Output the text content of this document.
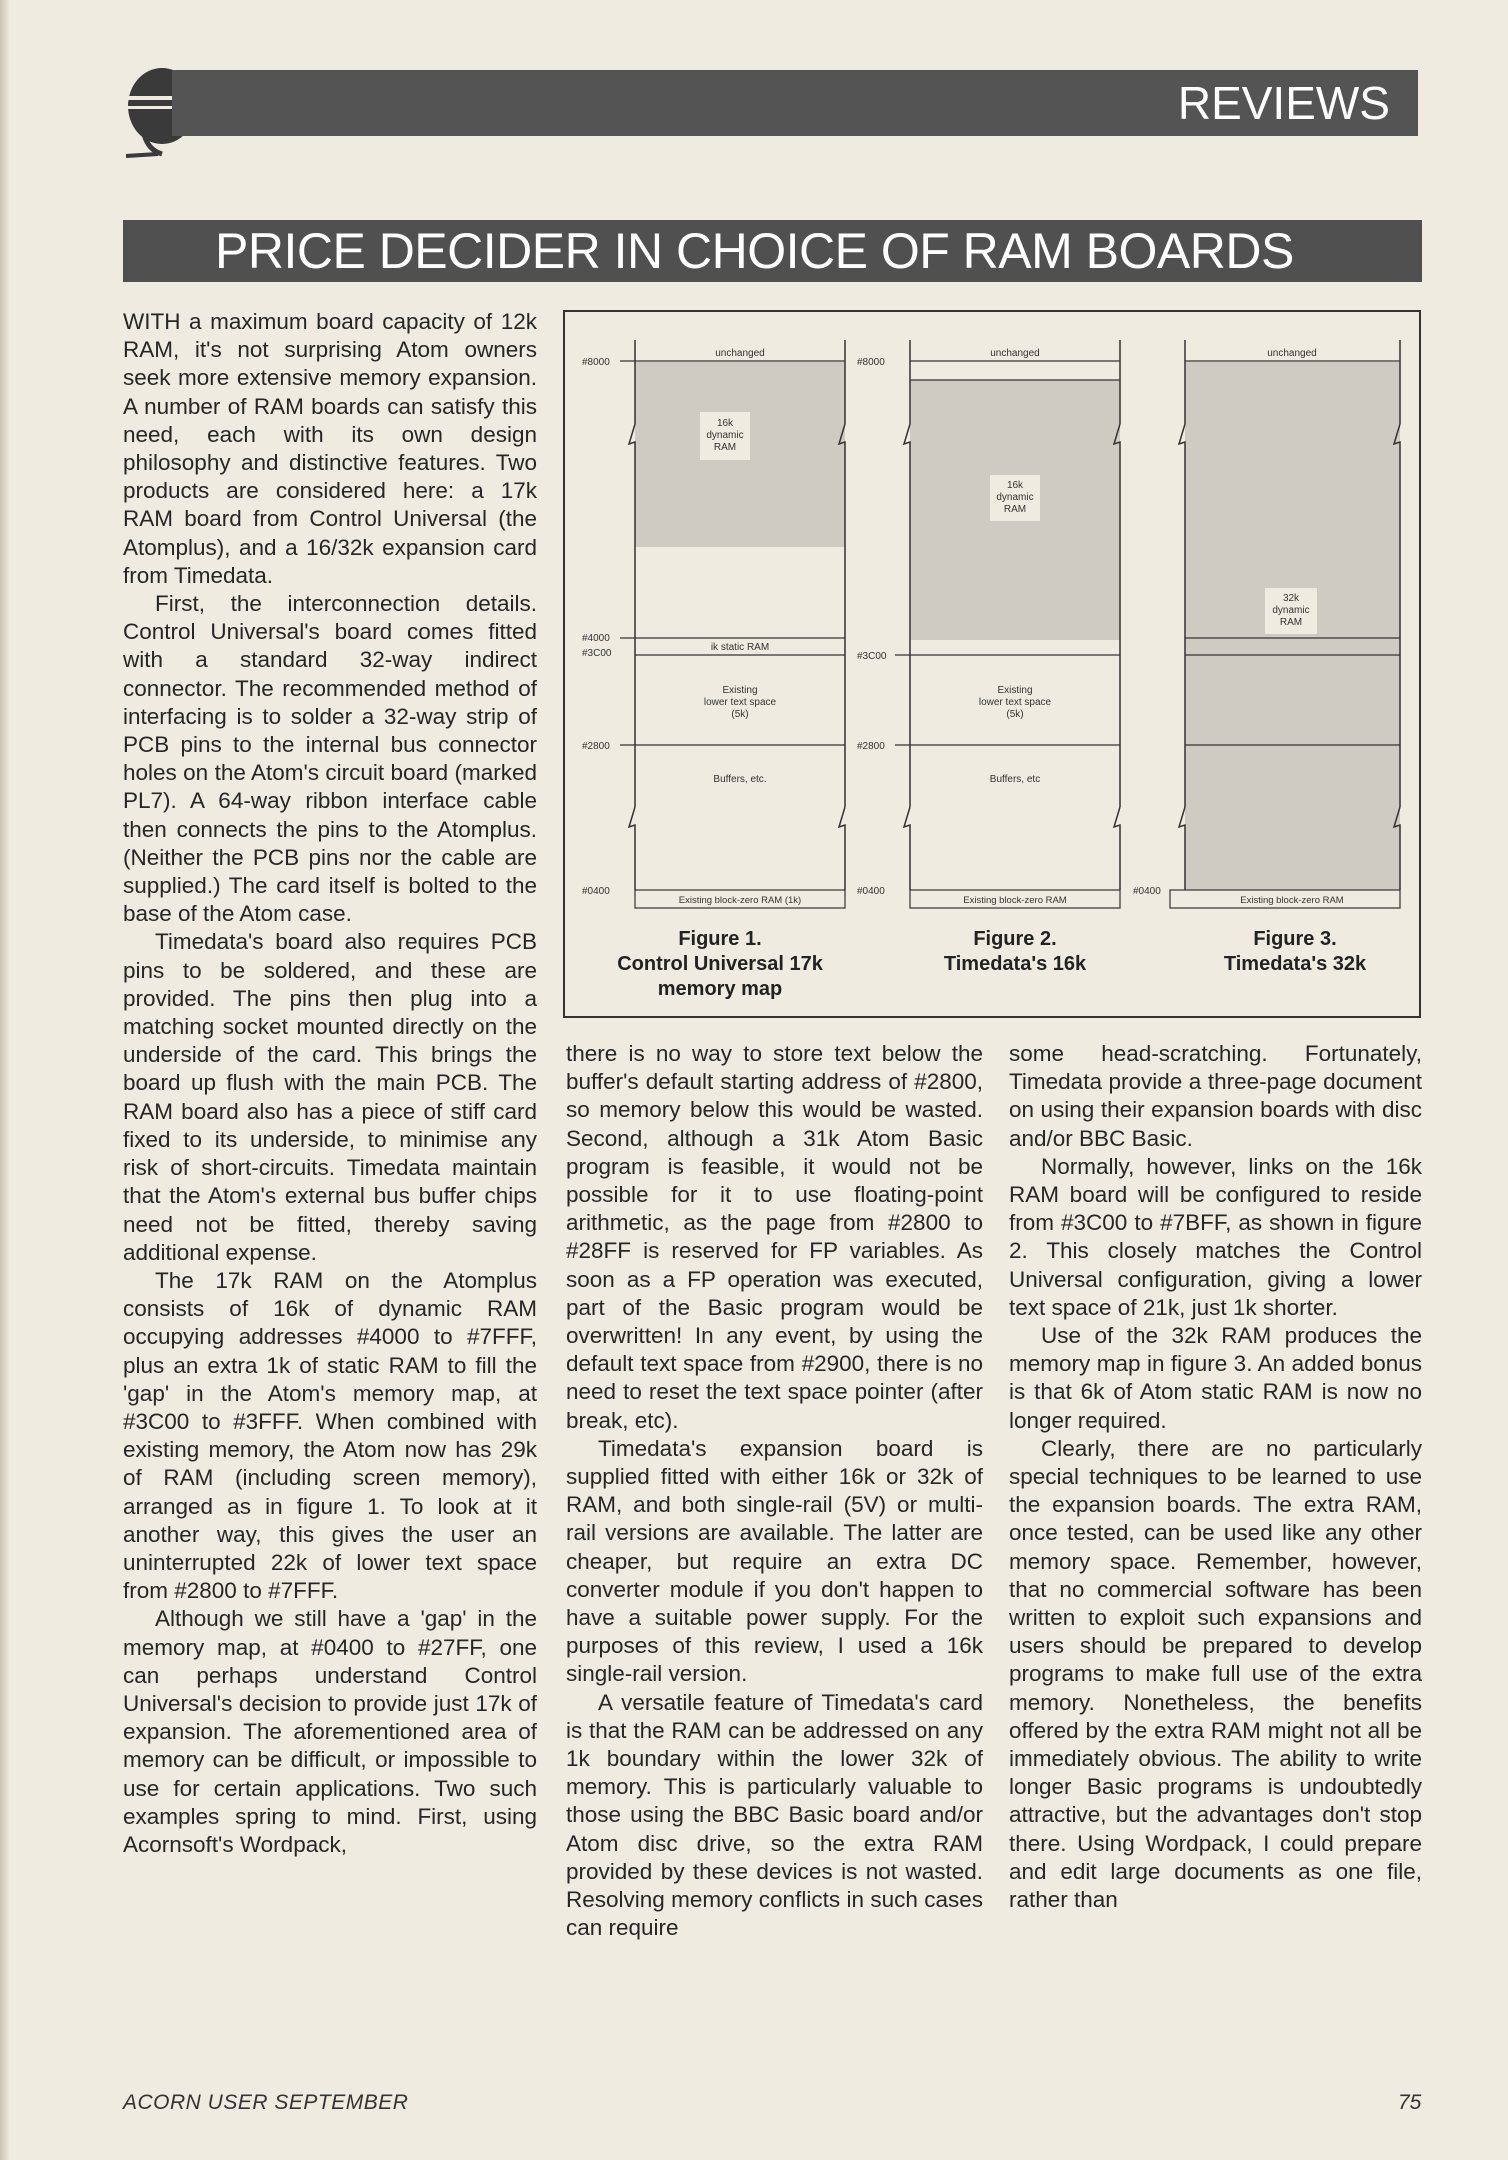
REVIEWS
PRICE DECIDER IN CHOICE OF RAM BOARDS

WITH a maximum board capacity of 12k RAM, it's not surprising Atom owners seek more extensive memory expansion. A number of RAM boards can satisfy this need, each with its own design philosophy and distinctive features. Two products are considered here: a 17k RAM board from Control Universal (the Atomplus), and a 16/32k expansion card from Timedata.

First, the interconnection details. Control Universal's board comes fitted with a standard 32-way indirect connector. The recommended method of interfacing is to solder a 32-way strip of PCB pins to the internal bus connector holes on the Atom's circuit board (marked PL7). A 64-way ribbon interface cable then connects the pins to the Atomplus. (Neither the PCB pins nor the cable are supplied.) The card itself is bolted to the base of the Atom case.

Timedata's board also requires PCB pins to be soldered, and these are provided. The pins then plug into a matching socket mounted directly on the underside of the card. This brings the board up flush with the main PCB. The RAM board also has a piece of stiff card fixed to its underside, to minimise any risk of short-circuits. Timedata maintain that the Atom's external bus buffer chips need not be fitted, thereby saving additional expense.

The 17k RAM on the Atomplus consists of 16k of dynamic RAM occupying addresses #4000 to #7FFF, plus an extra 1k of static RAM to fill the 'gap' in the Atom's memory map, at #3C00 to #3FFF. When combined with existing memory, the Atom now has 29k of RAM (including screen memory), arranged as in figure 1. To look at it another way, this gives the user an uninterrupted 22k of lower text space from #2800 to #7FFF.

Although we still have a 'gap' in the memory map, at #0400 to #27FF, one can perhaps understand Control Universal's decision to provide just 17k of expansion. The aforementioned area of memory can be difficult, or impossible to use for certain applications. Two such examples spring to mind. First, using Acornsoft's Wordpack,

#8000
#4000
#3C00
#2800
#0400
unchanged
16k
dynamic
RAM
ik static RAM
Existing
lower text space
(5k)
Buffers, etc.
Existing block-zero RAM (1k)
#8000
#3C00
#2800
#0400
unchanged
16k
dynamic
RAM
Existing
lower text space
(5k)
Buffers, etc
Existing block-zero RAM
#0400
unchanged
32k
dynamic
RAM
Existing block-zero RAM
Figure 1.
Control Universal 17k
memory map
Figure 2.
Timedata's 16k
Figure 3.
Timedata's 32k

there is no way to store text below the buffer's default starting address of #2800, so memory below this would be wasted. Second, although a 31k Atom Basic program is feasible, it would not be possible for it to use floating-point arithmetic, as the page from #2800 to #28FF is reserved for FP variables. As soon as a FP operation was executed, part of the Basic program would be overwritten! In any event, by using the default text space from #2900, there is no need to reset the text space pointer (after break, etc).

Timedata's expansion board is supplied fitted with either 16k or 32k of RAM, and both single-rail (5V) or multi-rail versions are available. The latter are cheaper, but require an extra DC converter module if you don't happen to have a suitable power supply. For the purposes of this review, I used a 16k single-rail version.

A versatile feature of Timedata's card is that the RAM can be addressed on any 1k boundary within the lower 32k of memory. This is particularly valuable to those using the BBC Basic board and/or Atom disc drive, so the extra RAM provided by these devices is not wasted. Resolving memory conflicts in such cases can require

some head-scratching. Fortunately, Timedata provide a three-page document on using their expansion boards with disc and/or BBC Basic.

Normally, however, links on the 16k RAM board will be configured to reside from #3C00 to #7BFF, as shown in figure 2. This closely matches the Control Universal configuration, giving a lower text space of 21k, just 1k shorter.

Use of the 32k RAM produces the memory map in figure 3. An added bonus is that 6k of Atom static RAM is now no longer required.

Clearly, there are no particularly special techniques to be learned to use the expansion boards. The extra RAM, once tested, can be used like any other memory space. Remember, however, that no commercial software has been written to exploit such expansions and users should be prepared to develop programs to make full use of the extra memory. Nonetheless, the benefits offered by the extra RAM might not all be immediately obvious. The ability to write longer Basic programs is undoubtedly attractive, but the advantages don't stop there. Using Wordpack, I could prepare and edit large documents as one file, rather than

ACORN USER SEPTEMBER	75
